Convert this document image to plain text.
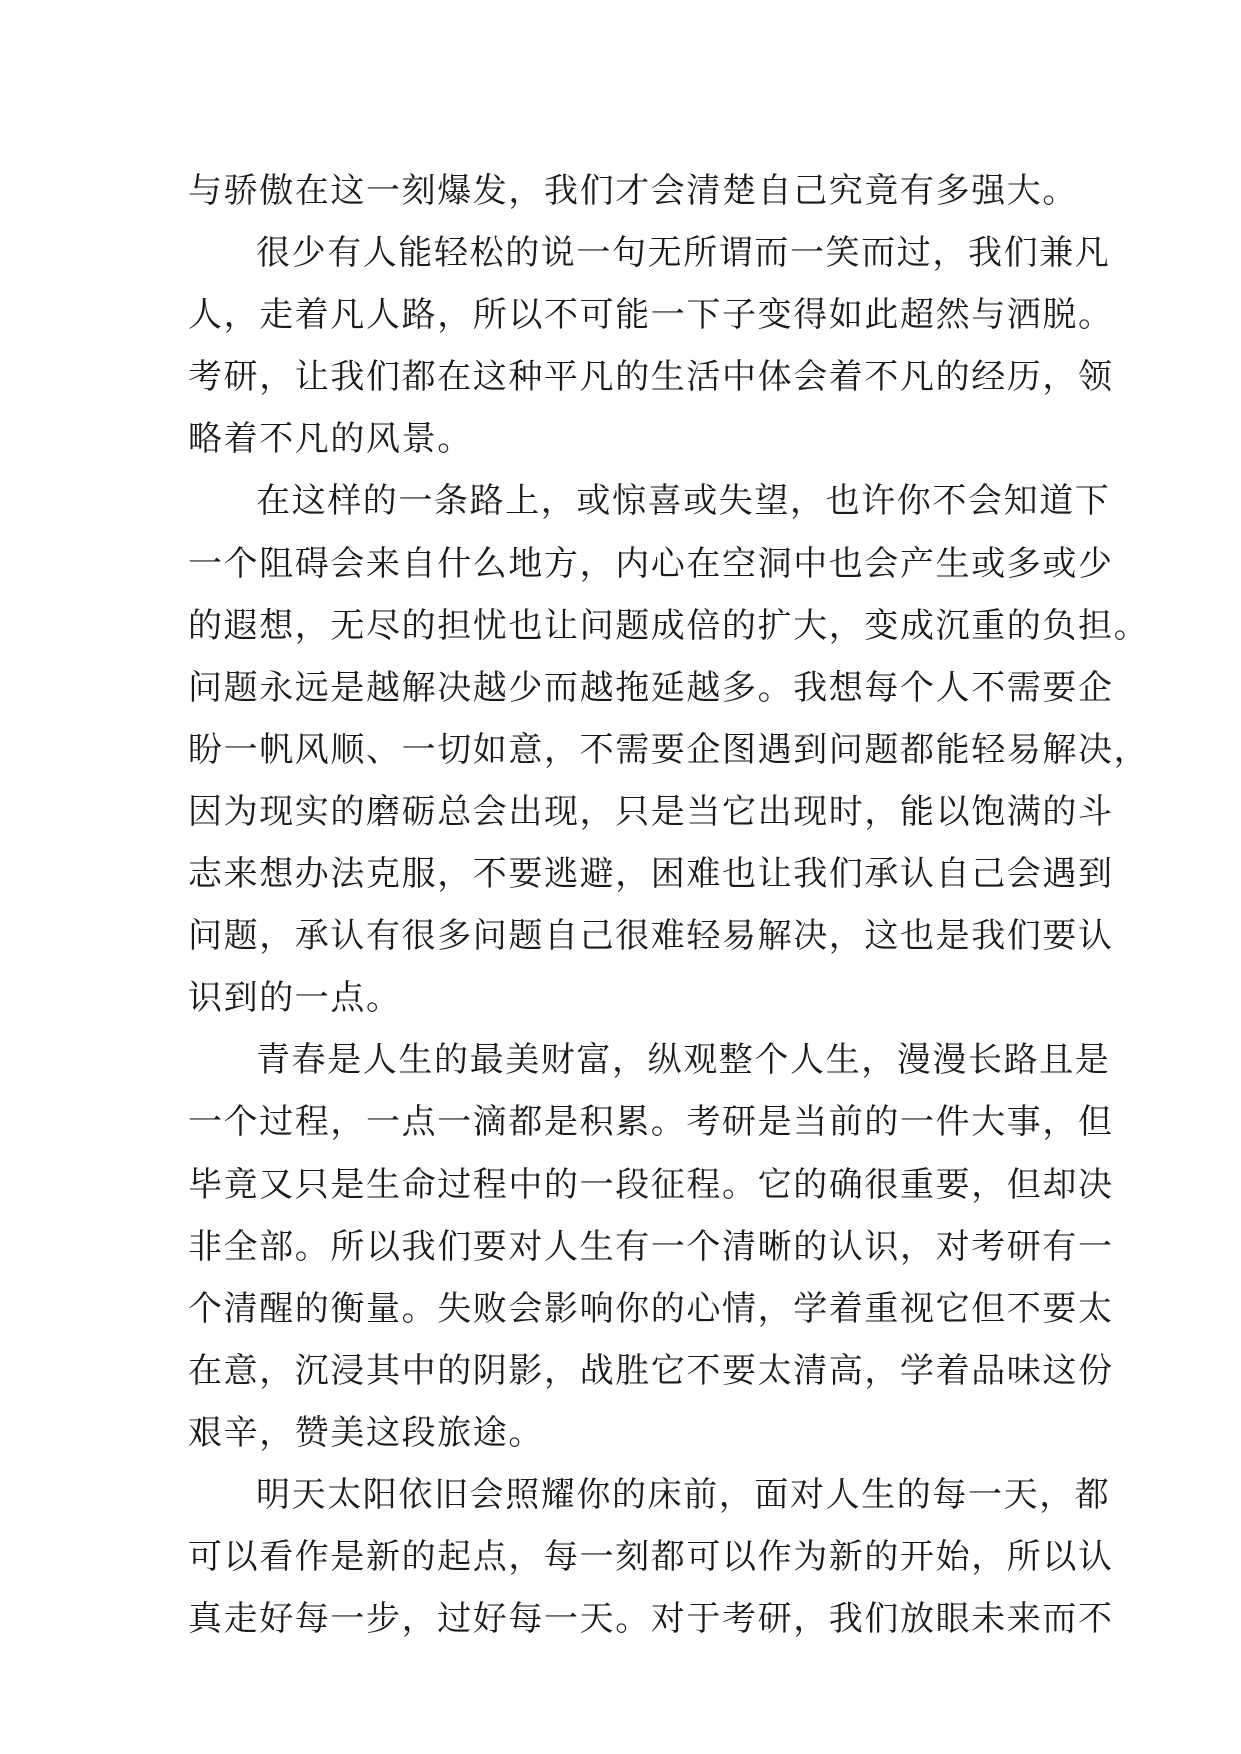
与骄傲在这一刻爆发，我们才会清楚自己究竟有多强大。
很少有人能轻松的说一句无所谓而一笑而过，我们兼凡
人，走着凡人路，所以不可能一下子变得如此超然与洒脱。
考研，让我们都在这种平凡的生活中体会着不凡的经历，领
略着不凡的风景。
在这样的一条路上，或惊喜或失望，也许你不会知道下
一个阻碍会来自什么地方，内心在空洞中也会产生或多或少
的遐想，无尽的担忧也让问题成倍的扩大，变成沉重的负担。
问题永远是越解决越少而越拖延越多。我想每个人不需要企
盼一帆风顺、一切如意，不需要企图遇到问题都能轻易解决，
因为现实的磨砺总会出现，只是当它出现时，能以饱满的斗
志来想办法克服，不要逃避，困难也让我们承认自己会遇到
问题，承认有很多问题自己很难轻易解决，这也是我们要认
识到的一点。
青春是人生的最美财富，纵观整个人生，漫漫长路且是
一个过程，一点一滴都是积累。考研是当前的一件大事，但
毕竟又只是生命过程中的一段征程。它的确很重要，但却决
非全部。所以我们要对人生有一个清晰的认识，对考研有一
个清醒的衡量。失败会影响你的心情，学着重视它但不要太
在意，沉浸其中的阴影，战胜它不要太清高，学着品味这份
艰辛，赞美这段旅途。
明天太阳依旧会照耀你的床前，面对人生的每一天，都
可以看作是新的起点，每一刻都可以作为新的开始，所以认
真走好每一步，过好每一天。对于考研，我们放眼未来而不
